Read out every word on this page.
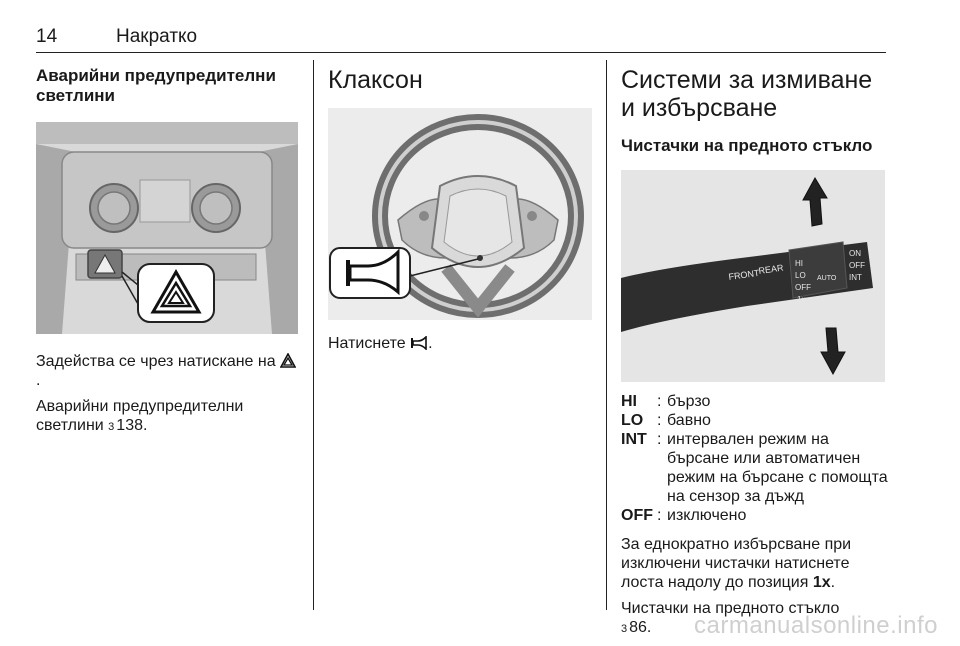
14	Накратко
Аварийни предупредителни светлини

Задействa се чрез натискане на .

Аварийни предупредителни светлини 3 138.

Клаксон

Натиснете .

Системи за измиване и избърсване
Чистачки на предното стъкло
FRONT
REAR HI
LO
OFF
1x
AUTO
ON
OFF
INT
HI	:	бързо
LO	:	бавно
INT	:	интервален режим на бърсане или автоматичен режим на бърсане с помощта на сензор за дъжд
OFF	:	изключено

За еднократно избърсване при изключени чистачки натиснете лоста надолу до позиция 1x.

Чистачки на предното стъкло
3 86.	carmanualsonline.info
